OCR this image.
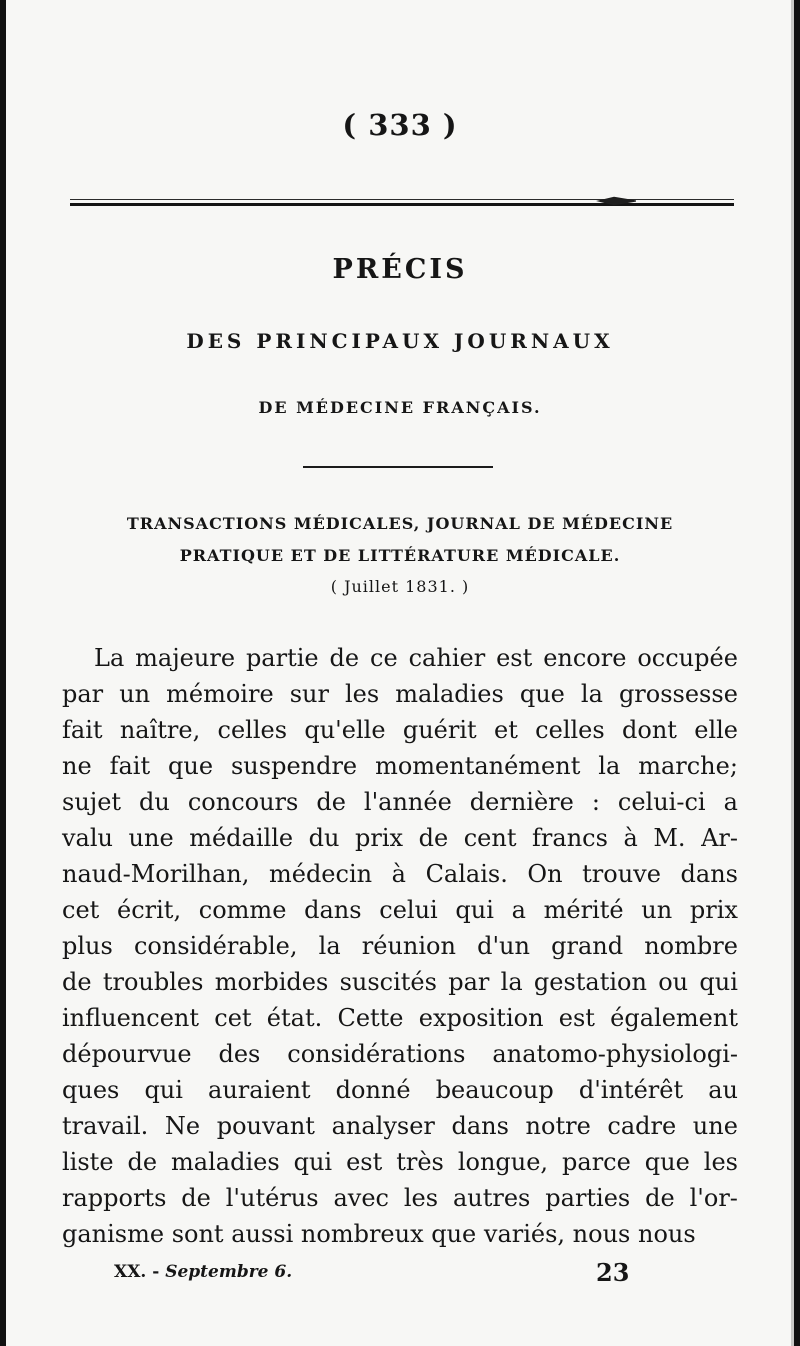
( 333 )
PRÉCIS
DES PRINCIPAUX JOURNAUX
DE MÉDECINE FRANÇAIS.
TRANSACTIONS MÉDICALES, JOURNAL DE MÉDECINE
PRATIQUE ET DE LITTÉRATURE MÉDICALE.
( Juillet 1831. )
La majeure partie de ce cahier est encore occupée
par un mémoire sur les maladies que la grossesse
fait naître, celles qu'elle guérit et celles dont elle
ne fait que suspendre momentanément la marche;
sujet du concours de l'année dernière : celui-ci a
valu une médaille du prix de cent francs à M. Ar-
naud-Morilhan, médecin à Calais. On trouve dans
cet écrit, comme dans celui qui a mérité un prix
plus considérable, la réunion d'un grand nombre
de troubles morbides suscités par la gestation ou qui
influencent cet état. Cette exposition est également
dépourvue des considérations anatomo-physiologi-
ques qui auraient donné beaucoup d'intérêt au
travail. Ne pouvant analyser dans notre cadre une
liste de maladies qui est très longue, parce que les
rapports de l'utérus avec les autres parties de l'or-
ganisme sont aussi nombreux que variés, nous nous
XX. - Septembre 6.	23
